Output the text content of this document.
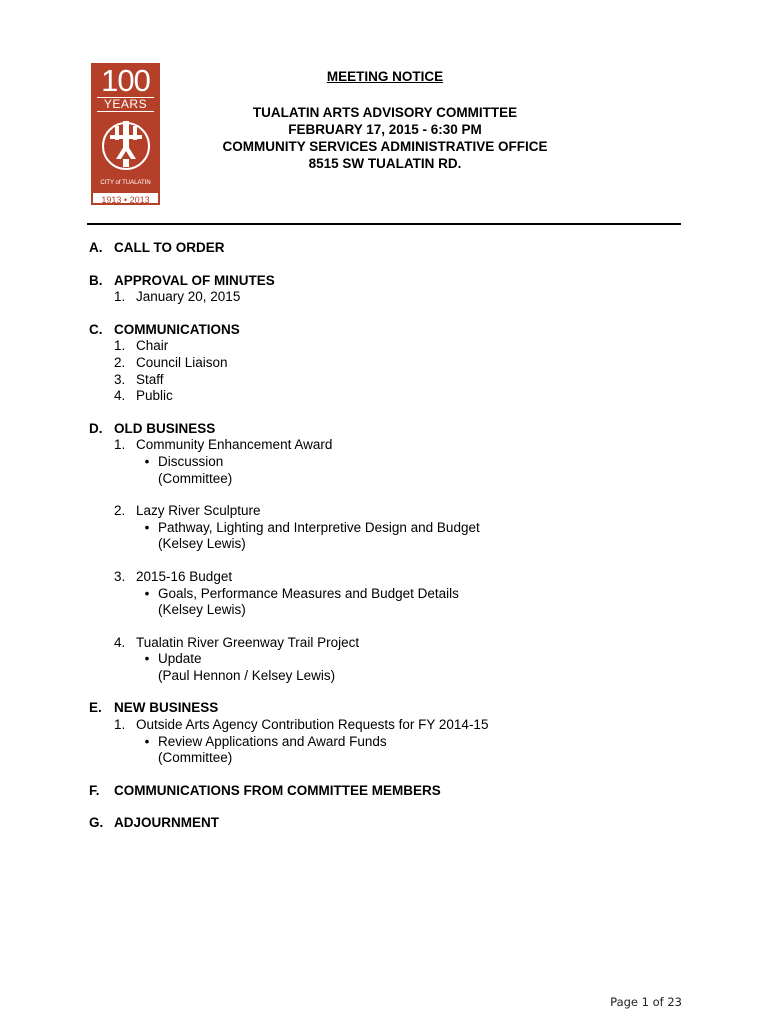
100
YEARS
CITY of TUALATIN
1913 • 2013
MEETING NOTICE
TUALATIN ARTS ADVISORY COMMITTEE
FEBRUARY 17, 2015 - 6:30 PM
COMMUNITY SERVICES ADMINISTRATIVE OFFICE
8515 SW TUALATIN RD.
A. CALL TO ORDER
B. APPROVAL OF MINUTES
1. January 20, 2015
C. COMMUNICATIONS
1. Chair
2. Council Liaison
3. Staff
4. Public
D. OLD BUSINESS
1. Community Enhancement Award
• Discussion
(Committee)
2. Lazy River Sculpture
• Pathway, Lighting and Interpretive Design and Budget
(Kelsey Lewis)
3. 2015-16 Budget
• Goals, Performance Measures and Budget Details
(Kelsey Lewis)
4. Tualatin River Greenway Trail Project
• Update
(Paul Hennon / Kelsey Lewis)
E. NEW BUSINESS
1. Outside Arts Agency Contribution Requests for FY 2014-15
• Review Applications and Award Funds
(Committee)
F.	COMMUNICATIONS FROM COMMITTEE MEMBERS
G. ADJOURNMENT
Page 1 of 23
